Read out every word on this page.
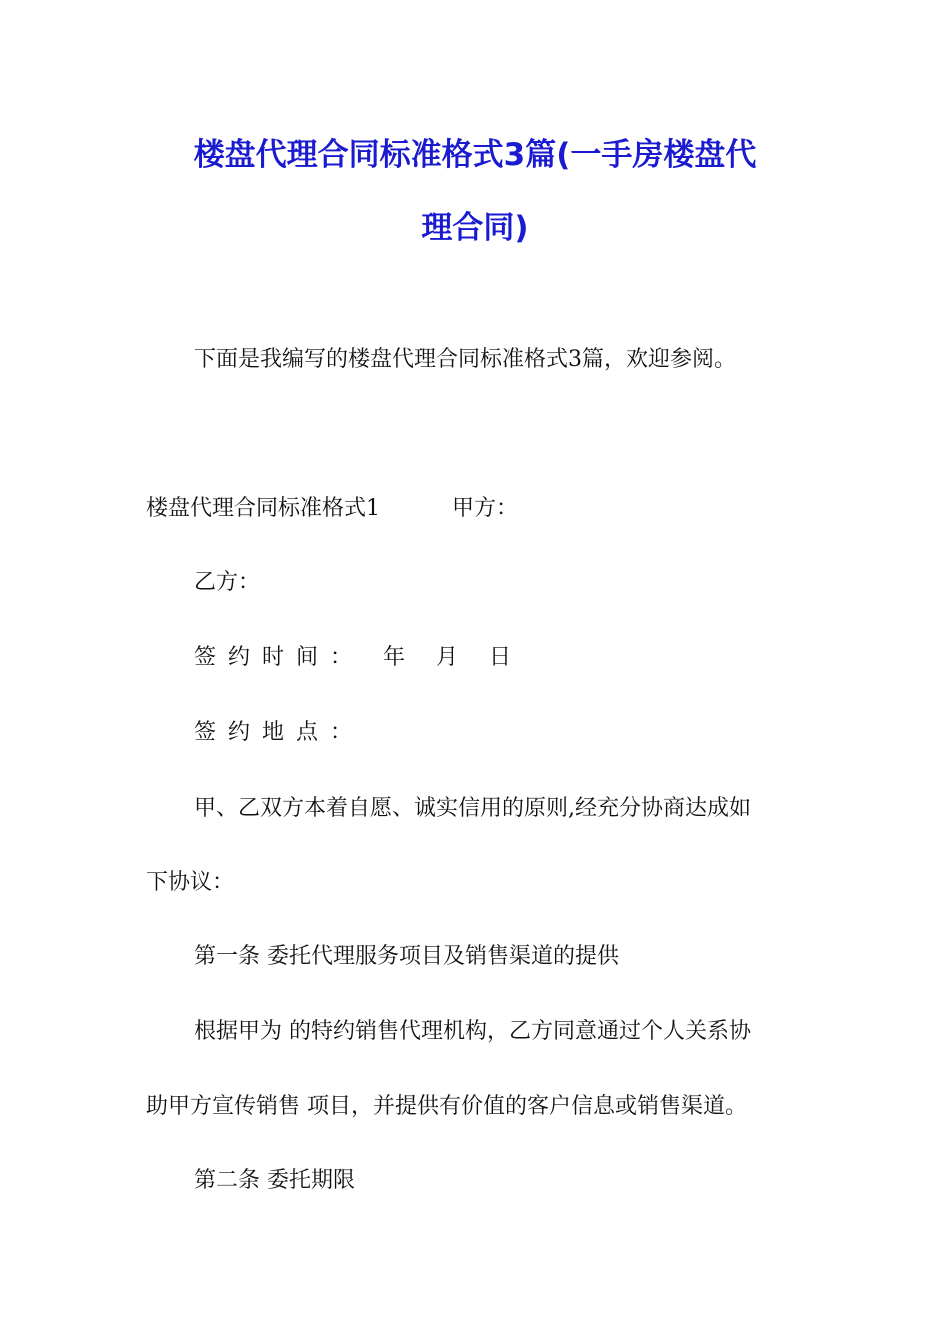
楼盘代理合同标准格式3篇(一手房楼盘代
理合同)
下面是我编写的楼盘代理合同标准格式3篇，欢迎参阅。
楼盘代理合同标准格式1	甲方：
乙方：
签约时间： 年 月 日
签约地点：
甲、乙双方本着自愿、诚实信用的原则,经充分协商达成如
下协议：
第一条 委托代理服务项目及销售渠道的提供
根据甲为 的特约销售代理机构，乙方同意通过个人关系协
助甲方宣传销售 项目，并提供有价值的客户信息或销售渠道。
第二条 委托期限
